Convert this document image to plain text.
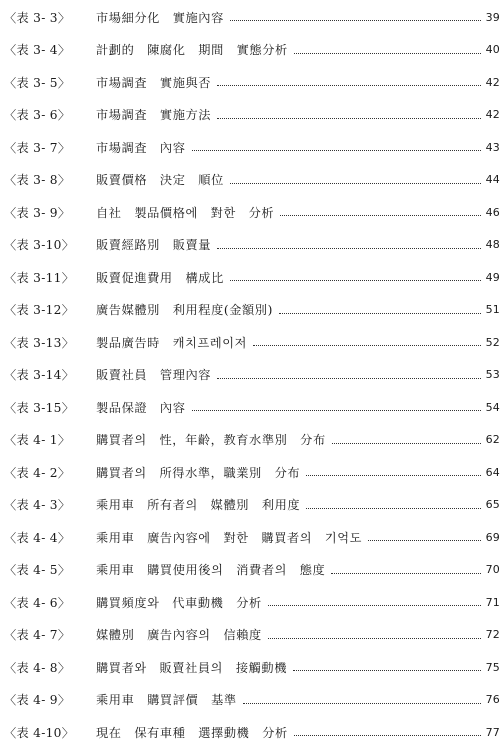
〈表 3- 3〉	市場細分化　實施內容	39
〈表 3- 4〉	計劃的　陳腐化　期間　實態分析	40
〈表 3- 5〉	市場調査　實施與否	42
〈表 3- 6〉	市場調査　實施方法	42
〈表 3- 7〉	市場調査　內容	43
〈表 3- 8〉	販賣價格　決定　順位	44
〈表 3- 9〉	自社　製品價格에　對한　分析	46
〈表 3-10〉	販賣經路別　販賣量	48
〈表 3-11〉	販賣促進費用　構成比	49
〈表 3-12〉	廣告媒體別　利用程度(金額別)	51
〈表 3-13〉	製品廣告時　캐치프레이저	52
〈表 3-14〉	販賣社員　管理內容	53
〈表 3-15〉	製品保證　內容	54
〈表 4- 1〉	購買者의　性，年齡，教育水準別　分布	62
〈表 4- 2〉	購買者의　所得水準，職業別　分布	64
〈表 4- 3〉	乘用車　所有者의　媒體別　利用度	65
〈表 4- 4〉	乘用車　廣告內容에　對한　購買者의　기억도	69
〈表 4- 5〉	乘用車　購買使用後의　消費者의　態度	70
〈表 4- 6〉	購買頻度와　代車動機　分析	71
〈表 4- 7〉	媒體別　廣告內容의　信賴度	72
〈表 4- 8〉	購買者와　販賣社員의　接觸動機	75
〈表 4- 9〉	乘用車　購買評價　基準	76
〈表 4-10〉	現在　保有車種　選擇動機　分析	77
